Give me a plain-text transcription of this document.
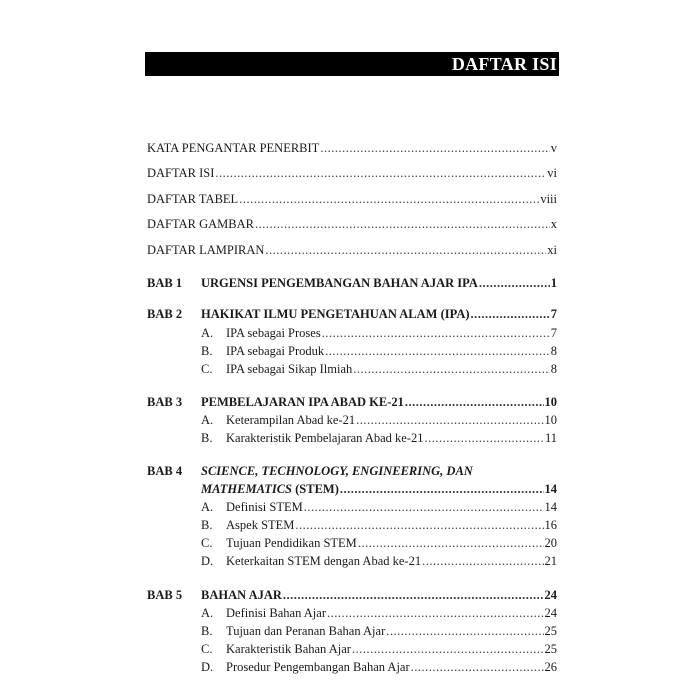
DAFTAR ISI
KATA PENGANTAR PENERBIT .....	v
DAFTAR ISI .....	vi
DAFTAR TABEL .....	viii
DAFTAR GAMBAR .....	x
DAFTAR LAMPIRAN .....	xi
BAB 1 URGENSI PENGEMBANGAN BAHAN AJAR IPA .....	1
BAB 2 HAKIKAT ILMU PENGETAHUAN ALAM (IPA) .....	7
A. IPA sebagai Proses .....	7
B. IPA sebagai Produk .....	8
C. IPA sebagai Sikap Ilmiah .....	8
BAB 3 PEMBELAJARAN IPA ABAD KE-21 .....	10
A. Keterampilan Abad ke-21 .....	10
B. Karakteristik Pembelajaran Abad ke-21 .....	11
BAB 4 SCIENCE, TECHNOLOGY, ENGINEERING, DAN
MATHEMATICS (STEM) .....	14
A. Definisi STEM .....	14
B. Aspek STEM .....	16
C. Tujuan Pendidikan STEM .....	20
D. Keterkaitan STEM dengan Abad ke-21 .....	21
BAB 5 BAHAN AJAR .....	24
A. Definisi Bahan Ajar .....	24
B. Tujuan dan Peranan Bahan Ajar .....	25
C. Karakteristik Bahan Ajar .....	25
D. Prosedur Pengembangan Bahan Ajar .....	26
